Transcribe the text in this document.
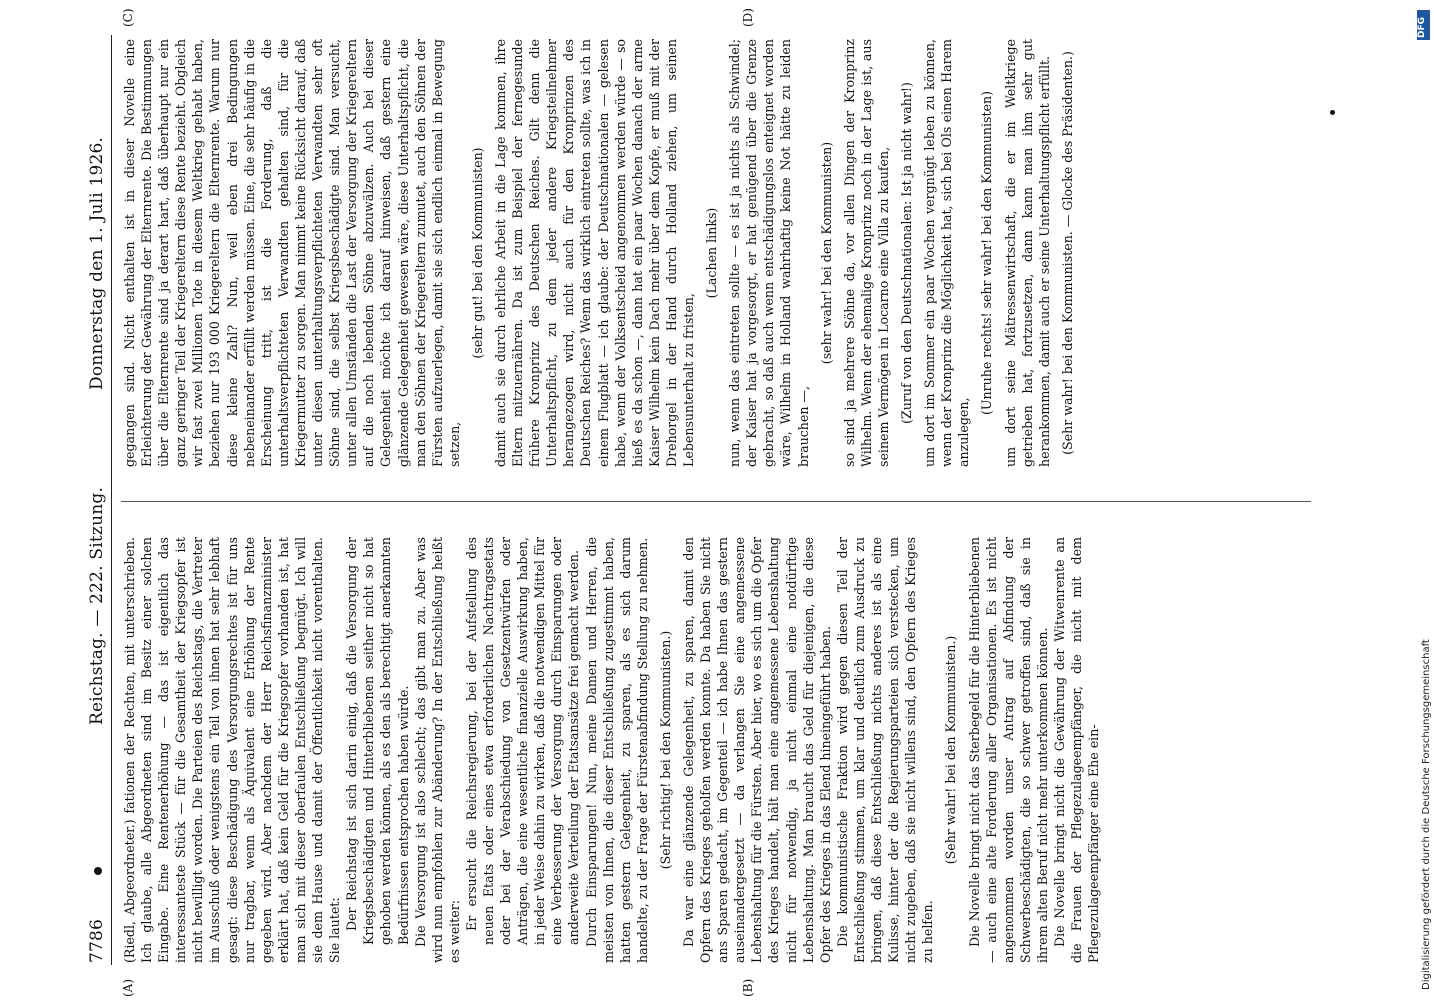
7786
Reichstag. — 222. Sitzung.
Donnerstag den 1. Juli 1926.
(A)	(B)
(C)	(D)

(Riedl, Abgeordneter.) fationen der Rechten, mit unterschrieben. Ich glaube, alle Abgeordneten sind im Besitz einer solchen Eingabe. Eine Rentenerhöhung — das ist eigentlich das interessanteste Stück — für die Gesamtheit der Kriegsopfer ist nicht bewilligt worden. Die Parteien des Reichstags, die Vertreter im Ausschuß oder wenigstens ein Teil von ihnen hat sehr lebhaft gesagt: diese Beschädigung des Versorgungsrechtes ist für uns nur tragbar, wenn als Äquivalent eine Erhöhung der Rente gegeben wird. Aber nachdem der Herr Reichsfinanzminister erklärt hat, daß kein Geld für die Kriegsopfer vorhanden ist, hat man sich mit dieser oberfaulen Entschließung begnügt. Ich will sie dem Hause und damit der Öffentlichkeit nicht vorenthalten. Sie lautet: Der Reichstag ist sich darin einig, daß die Versorgung der Kriegsbeschädigten und Hinterbliebenen seither nicht so hat gehoben werden können, als es den als berechtigt anerkannten Bedürfnissen entsprochen haben würde. Die Versorgung ist also schlecht; das gibt man zu. Aber was wird nun empfohlen zur Abänderung? In der Entschließung heißt es weiter:

Er ersucht die Reichsregierung, bei der Aufstellung des neuen Etats oder eines etwa erforderlichen Nachtragsetats oder bei der Verabschiedung von Gesetzentwürfen oder Anträgen, die eine wesentliche finanzielle Auswirkung haben, in jeder Weise dahin zu wirken, daß die notwendigen Mittel für eine Verbesserung der Versorgung durch Einsparungen oder anderweite Verteilung der Etatsansätze frei gemacht werden. Durch Einsparungen! Nun, meine Damen und Herren, die meisten von Ihnen, die dieser Entschließung zugestimmt haben, hatten gestern Gelegenheit, zu sparen, als es sich darum handelte, zu der Frage der Fürstenabfindung Stellung zu nehmen. (Sehr richtig! bei den Kommunisten.) Da war eine glänzende Gelegenheit, zu sparen, damit den Opfern des Krieges geholfen werden konnte. Da haben Sie nicht ans Sparen gedacht, im Gegenteil — ich habe Ihnen das gestern auseinandergesetzt — da verlangen Sie eine angemessene Lebenshaltung für die Fürsten. Aber hier, wo es sich um die Opfer des Krieges handelt, hält man eine angemessene Lebenshaltung nicht für notwendig, ja nicht einmal eine notdürftige Lebenshaltung. Man braucht das Geld für diejenigen, die diese Opfer des Krieges in das Elend hineingeführt haben. Die kommunistische Fraktion wird gegen diesen Teil der Entschließung stimmen, um klar und deutlich zum Ausdruck zu bringen, daß diese Entschließung nichts anderes ist als eine Kulisse, hinter der die Regierungsparteien sich verstecken, um nicht zugeben, daß sie nicht willens sind, den Opfern des Krieges zu helfen.

(Sehr wahr! bei den Kommunisten.) Die Novelle bringt nicht das Sterbegeld für die Hinterbliebenen — auch eine alte Forderung aller Organisationen. Es ist nicht angenommen worden unser Antrag auf Abfindung der Schwerbeschädigten, die so schwer getroffen sind, daß sie in ihrem alten Beruf nicht mehr unterkommen können. Die Novelle bringt nicht die Gewährung der Witwenrente an die Frauen der Pflegezulageempfänger, die nicht mit dem Pflegezulageempfänger eine Ehe ein-

gegangen sind. Nicht enthalten ist in dieser Novelle eine Erleichterung der Gewährung der Elternrente. Die Bestimmungen über die Elternrente sind ja derart hart, daß überhaupt nur ein ganz geringer Teil der Kriegereltern diese Rente bezieht. Obgleich wir fast zwei Millionen Tote in diesem Weltkrieg gehabt haben, beziehen nur 193 000 Kriegereltern die Elternrente. Warum nur diese kleine Zahl? Nun, weil eben drei Bedingungen nebeneinander erfüllt werden müssen. Eine, die sehr häufig in die Erscheinung tritt, ist die Forderung, daß die unterhaltsverpflichteten Verwandten gehalten sind, für die Kriegermutter zu sorgen. Man nimmt keine Rücksicht darauf, daß unter diesen unterhaltungsverpflichteten Verwandten sehr oft Söhne sind, die selbst Kriegsbeschädigte sind. Man versucht, unter allen Umständen die Last der Versorgung der Kriegereltern auf die noch lebenden Söhne abzuwälzen. Auch bei dieser Gelegenheit möchte ich darauf hinweisen, daß gestern eine glänzende Gelegenheit gewesen wäre, diese Unterhaltspflicht, die man den Söhnen der Kriegereltern zumutet, auch den Söhnen der Fürsten aufzuerlegen, damit sie sich endlich einmal in Bewegung setzen,

(sehr gut! bei den Kommunisten) damit auch sie durch ehrliche Arbeit in die Lage kommen, ihre Eltern mitzuernähren. Da ist zum Beispiel der fernegesunde frühere Kronprinz des Deutschen Reiches. Gilt denn die Unterhaltspflicht, zu dem jeder andere Kriegsteilnehmer herangezogen wird, nicht auch für den Kronprinzen des Deutschen Reiches? Wenn das wirklich eintreten sollte, was ich in einem Flugblatt — ich glaube: der Deutschnationalen — gelesen habe, wenn der Volksentscheid angenommen werden würde — so hieß es da schon —, dann hat ein paar Wochen danach der arme Kaiser Wilhelm kein Dach mehr über dem Kopfe, er muß mit der Drehorgel in der Hand durch Holland ziehen, um seinen Lebensunterhalt zu fristen,

(Lachen links) nun, wenn das eintreten sollte — es ist ja nichts als Schwindel; der Kaiser hat ja vorgesorgt, er hat genügend über die Grenze gebracht, so daß auch wenn entschädigungslos enteignet worden wäre, Wilhelm in Holland wahrhaftig keine Not hätte zu leiden brauchen —,

(sehr wahr! bei den Kommunisten) so sind ja mehrere Söhne da, vor allen Dingen der Kronprinz Wilhelm. Wenn der ehemalige Kronprinz noch in der Lage ist, aus seinem Vermögen in Locarno eine Villa zu kaufen, (Zuruf von den Deutschnationalen: Ist ja nicht wahr!) um dort im Sommer ein paar Wochen vergnügt leben zu können, wenn der Kronprinz die Möglichkeit hat, sich bei Ols einen Harem anzulegen,

(Unruhe rechts! sehr wahr! bei den Kommunisten) um dort seine Mätressenwirtschaft, die er im Weltkriege getrieben hat, fortzusetzen, dann kann man ihm sehr gut herankommen, damit auch er seine Unterhaltungspflicht erfüllt. (Sehr wahr! bei den Kommunisten. — Glocke des Präsidenten.)

DFG
Digitalisierung gefördert durch die Deutsche Forschungsgemeinschaft
